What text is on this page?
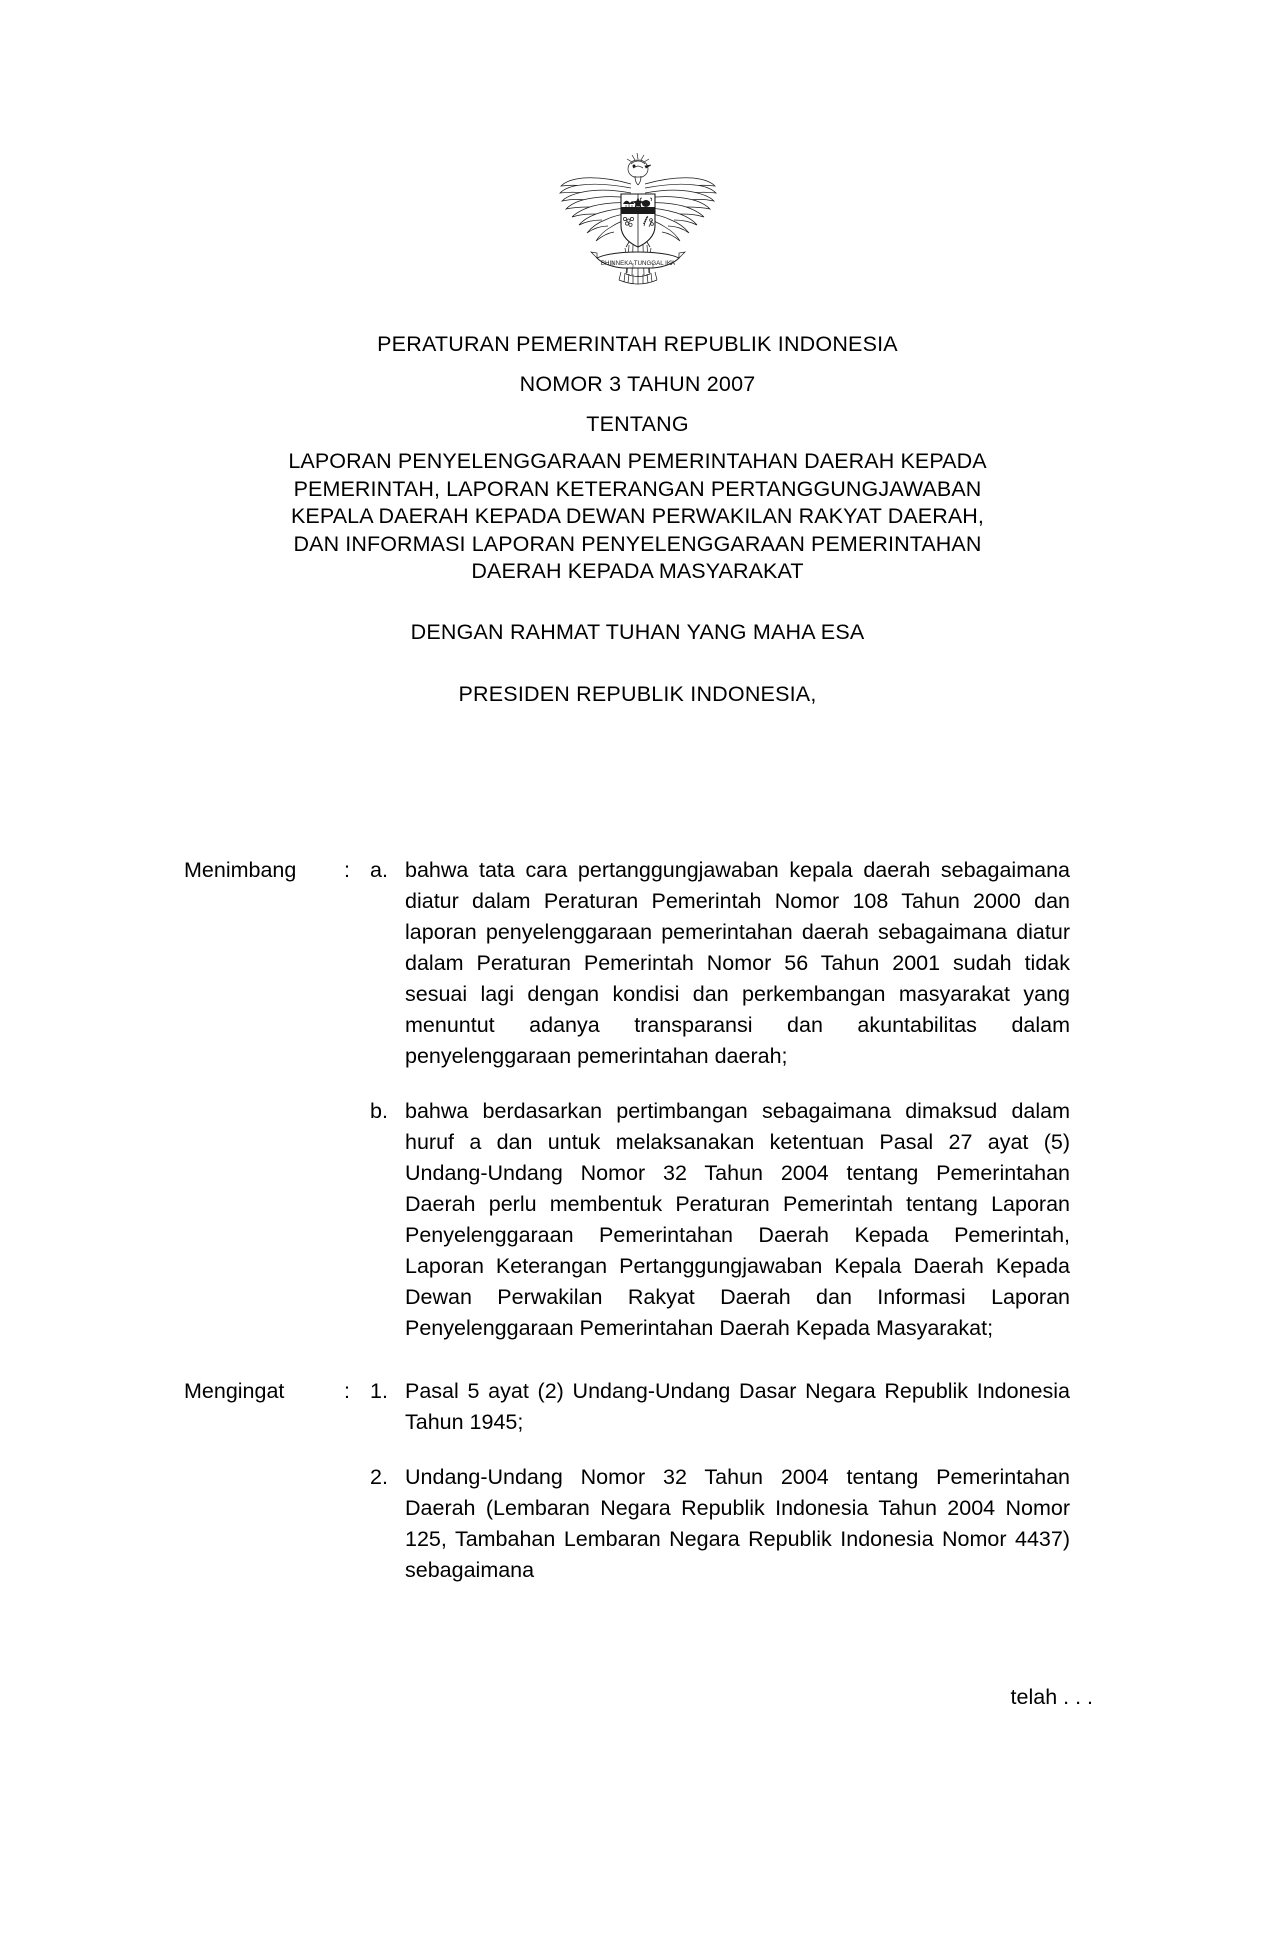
BHINNEKA TUNGGAL IKA
PERATURAN PEMERINTAH REPUBLIK INDONESIA
NOMOR 3 TAHUN 2007
TENTANG
LAPORAN PENYELENGGARAAN PEMERINTAHAN DAERAH KEPADA
PEMERINTAH, LAPORAN KETERANGAN PERTANGGUNGJAWABAN
KEPALA DAERAH KEPADA DEWAN PERWAKILAN RAKYAT DAERAH,
DAN INFORMASI LAPORAN PENYELENGGARAAN PEMERINTAHAN
DAERAH KEPADA MASYARAKAT
DENGAN RAHMAT TUHAN YANG MAHA ESA
PRESIDEN REPUBLIK INDONESIA,
Menimbang	: a. bahwa tata cara pertanggungjawaban kepala daerah sebagaimana diatur dalam Peraturan Pemerintah Nomor 108 Tahun 2000 dan laporan penyelenggaraan pemerintahan daerah sebagaimana diatur dalam Peraturan Pemerintah Nomor 56 Tahun 2001 sudah tidak sesuai lagi dengan kondisi dan perkembangan masyarakat yang menuntut adanya transparansi dan akuntabilitas dalam penyelenggaraan pemerintahan daerah;
b. bahwa berdasarkan pertimbangan sebagaimana dimaksud dalam huruf a dan untuk melaksanakan ketentuan Pasal 27 ayat (5) Undang-Undang Nomor 32 Tahun 2004 tentang Pemerintahan Daerah perlu membentuk Peraturan Pemerintah tentang Laporan Penyelenggaraan Pemerintahan Daerah Kepada Pemerintah, Laporan Keterangan Pertanggungjawaban Kepala Daerah Kepada Dewan Perwakilan Rakyat Daerah dan Informasi Laporan Penyelenggaraan Pemerintahan Daerah Kepada Masyarakat;
Mengingat	: 1. Pasal 5 ayat (2) Undang-Undang Dasar Negara Republik Indonesia Tahun 1945;
2. Undang-Undang Nomor 32 Tahun 2004 tentang Pemerintahan Daerah (Lembaran Negara Republik Indonesia Tahun 2004 Nomor 125, Tambahan Lembaran Negara Republik Indonesia Nomor 4437) sebagaimana
telah . . .
